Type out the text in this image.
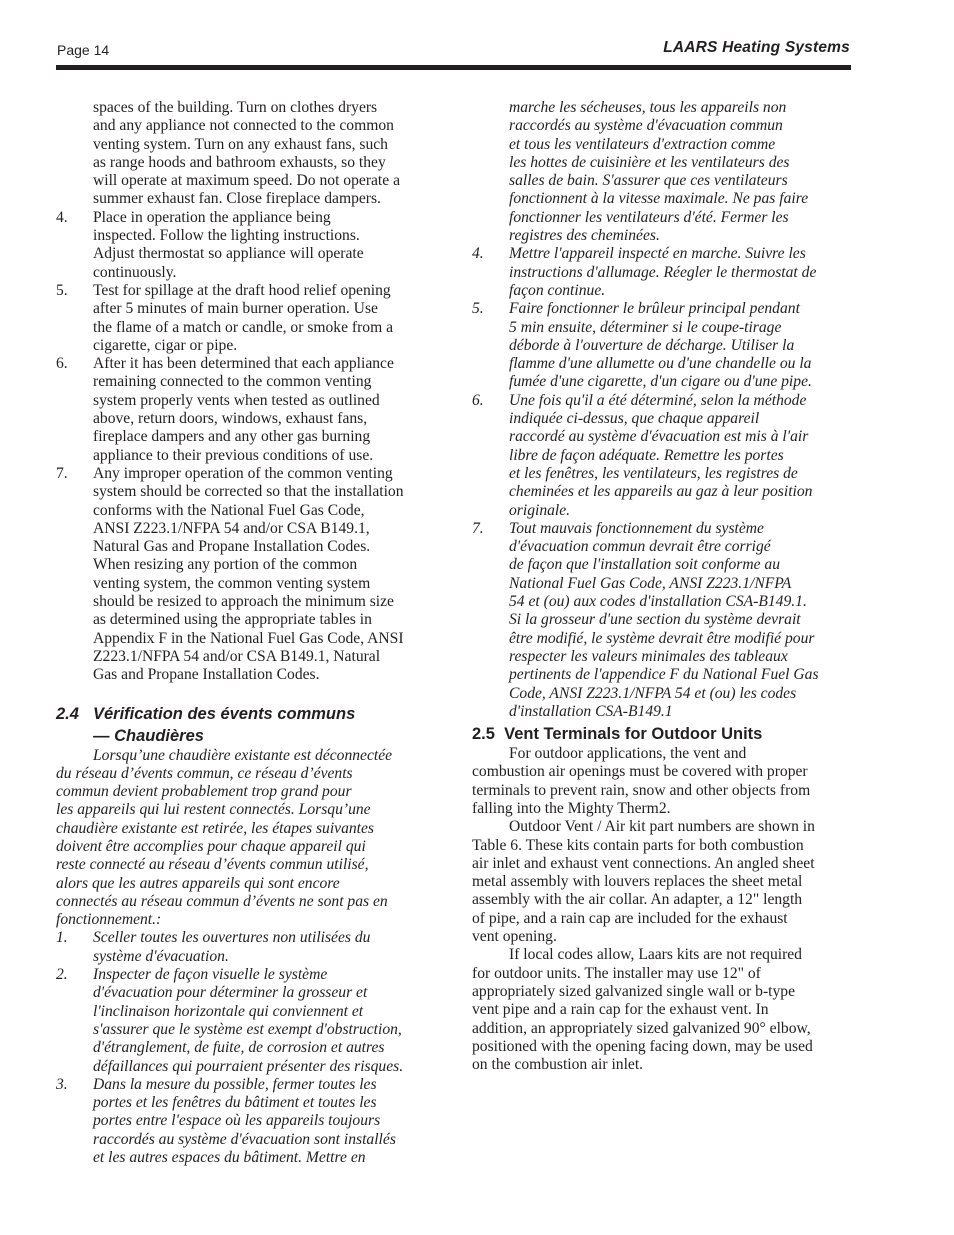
Page 14	LAARS Heating Systems
spaces of the building. Turn on clothes dryers
and any appliance not connected to the common
venting system. Turn on any exhaust fans, such
as range hoods and bathroom exhausts, so they
will operate at maximum speed. Do not operate a
summer exhaust fan. Close fireplace dampers.
4. Place in operation the appliance being
inspected. Follow the lighting instructions.
Adjust thermostat so appliance will operate
continuously.
5. Test for spillage at the draft hood relief opening
after 5 minutes of main burner operation. Use
the flame of a match or candle, or smoke from a
cigarette, cigar or pipe.
6. After it has been determined that each appliance
remaining connected to the common venting
system properly vents when tested as outlined
above, return doors, windows, exhaust fans,
fireplace dampers and any other gas burning
appliance to their previous conditions of use.
7. Any improper operation of the common venting
system should be corrected so that the installation
conforms with the National Fuel Gas Code,
ANSI Z223.1/NFPA 54 and/or CSA B149.1,
Natural Gas and Propane Installation Codes.
When resizing any portion of the common
venting system, the common venting system
should be resized to approach the minimum size
as determined using the appropriate tables in
Appendix F in the National Fuel Gas Code, ANSI
Z223.1/NFPA 54 and/or CSA B149.1, Natural
Gas and Propane Installation Codes.
2.4 Vérification des évents communs
— Chaudières
Lorsqu’une chaudière existante est déconnectée
du réseau d’évents commun, ce réseau d’évents
commun devient probablement trop grand pour
les appareils qui lui restent connectés. Lorsqu’une
chaudière existante est retirée, les étapes suivantes
doivent être accomplies pour chaque appareil qui
reste connecté au réseau d’évents commun utilisé,
alors que les autres appareils qui sont encore
connectés au réseau commun d’évents ne sont pas en
fonctionnement.:
1. Sceller toutes les ouvertures non utilisées du
système d'évacuation.
2. Inspecter de façon visuelle le système
d'évacuation pour déterminer la grosseur et
l'inclinaison horizontale qui conviennent et
s'assurer que le système est exempt d'obstruction,
d'étranglement, de fuite, de corrosion et autres
défaillances qui pourraient présenter des risques.
3. Dans la mesure du possible, fermer toutes les
portes et les fenêtres du bâtiment et toutes les
portes entre l'espace où les appareils toujours
raccordés au système d'évacuation sont installés
et les autres espaces du bâtiment. Mettre en
marche les sécheuses, tous les appareils non
raccordés au système d'évacuation commun
et tous les ventilateurs d'extraction comme
les hottes de cuisinière et les ventilateurs des
salles de bain. S'assurer que ces ventilateurs
fonctionnent à la vitesse maximale. Ne pas faire
fonctionner les ventilateurs d'été. Fermer les
registres des cheminées.
4. Mettre l'appareil inspecté en marche. Suivre les
instructions d'allumage. Réegler le thermostat de
façon continue.
5. Faire fonctionner le brûleur principal pendant
5 min ensuite, déterminer si le coupe-tirage
déborde à l'ouverture de décharge. Utiliser la
flamme d'une allumette ou d'une chandelle ou la
fumée d'une cigarette, d'un cigare ou d'une pipe.
6. Une fois qu'il a été déterminé, selon la méthode
indiquée ci-dessus, que chaque appareil
raccordé au système d'évacuation est mis à l'air
libre de façon adéquate. Remettre les portes
et les fenêtres, les ventilateurs, les registres de
cheminées et les appareils au gaz à leur position
originale.
7. Tout mauvais fonctionnement du système
d'évacuation commun devrait être corrigé
de façon que l'installation soit conforme au
National Fuel Gas Code, ANSI Z223.1/NFPA
54 et (ou) aux codes d'installation CSA-B149.1.
Si la grosseur d'une section du système devrait
être modifié, le système devrait être modifié pour
respecter les valeurs minimales des tableaux
pertinents de l'appendice F du National Fuel Gas
Code, ANSI Z223.1/NFPA 54 et (ou) les codes
d'installation CSA-B149.1
2.5 Vent Terminals for Outdoor Units
For outdoor applications, the vent and
combustion air openings must be covered with proper
terminals to prevent rain, snow and other objects from
falling into the Mighty Therm2.
Outdoor Vent / Air kit part numbers are shown in
Table 6. These kits contain parts for both combustion
air inlet and exhaust vent connections. An angled sheet
metal assembly with louvers replaces the sheet metal
assembly with the air collar. An adapter, a 12" length
of pipe, and a rain cap are included for the exhaust
vent opening.
If local codes allow, Laars kits are not required
for outdoor units. The installer may use 12" of
appropriately sized galvanized single wall or b-type
vent pipe and a rain cap for the exhaust vent. In
addition, an appropriately sized galvanized 90° elbow,
positioned with the opening facing down, may be used
on the combustion air inlet.
